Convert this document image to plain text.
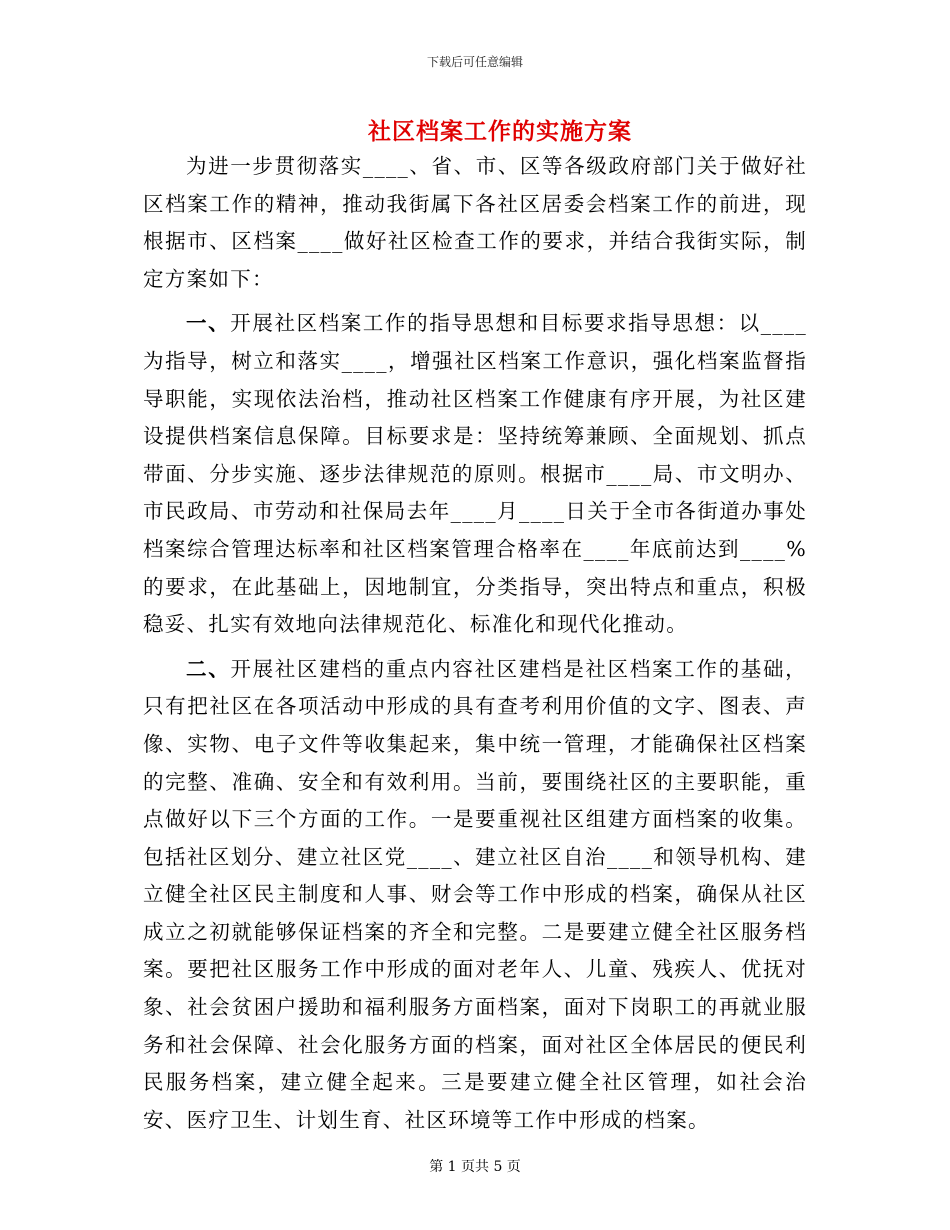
下载后可任意编辑
社区档案工作的实施方案

为进一步贯彻落实____、省、市、区等各级政府部门关于做好社区档案工作的精神，推动我街属下各社区居委会档案工作的前进，现根据市、区档案____做好社区检查工作的要求，并结合我街实际，制定方案如下：

一、开展社区档案工作的指导思想和目标要求指导思想：以____为指导，树立和落实____，增强社区档案工作意识，强化档案监督指导职能，实现依法治档，推动社区档案工作健康有序开展，为社区建设提供档案信息保障。目标要求是：坚持统筹兼顾、全面规划、抓点带面、分步实施、逐步法律规范的原则。根据市____局、市文明办、市民政局、市劳动和社保局去年____月____日关于全市各街道办事处档案综合管理达标率和社区档案管理合格率在____年底前达到____%的要求，在此基础上，因地制宜，分类指导，突出特点和重点，积极稳妥、扎实有效地向法律规范化、标准化和现代化推动。

二、开展社区建档的重点内容社区建档是社区档案工作的基础，只有把社区在各项活动中形成的具有查考利用价值的文字、图表、声像、实物、电子文件等收集起来，集中统一管理，才能确保社区档案的完整、准确、安全和有效利用。当前，要围绕社区的主要职能，重点做好以下三个方面的工作。一是要重视社区组建方面档案的收集。包括社区划分、建立社区党____、建立社区自治____和领导机构、建立健全社区民主制度和人事、财会等工作中形成的档案，确保从社区成立之初就能够保证档案的齐全和完整。二是要建立健全社区服务档案。要把社区服务工作中形成的面对老年人、儿童、残疾人、优抚对象、社会贫困户援助和福利服务方面档案，面对下岗职工的再就业服务和社会保障、社会化服务方面的档案，面对社区全体居民的便民利民服务档案，建立健全起来。三是要建立健全社区管理，如社会治安、医疗卫生、计划生育、社区环境等工作中形成的档案。

第 1 页共 5 页
